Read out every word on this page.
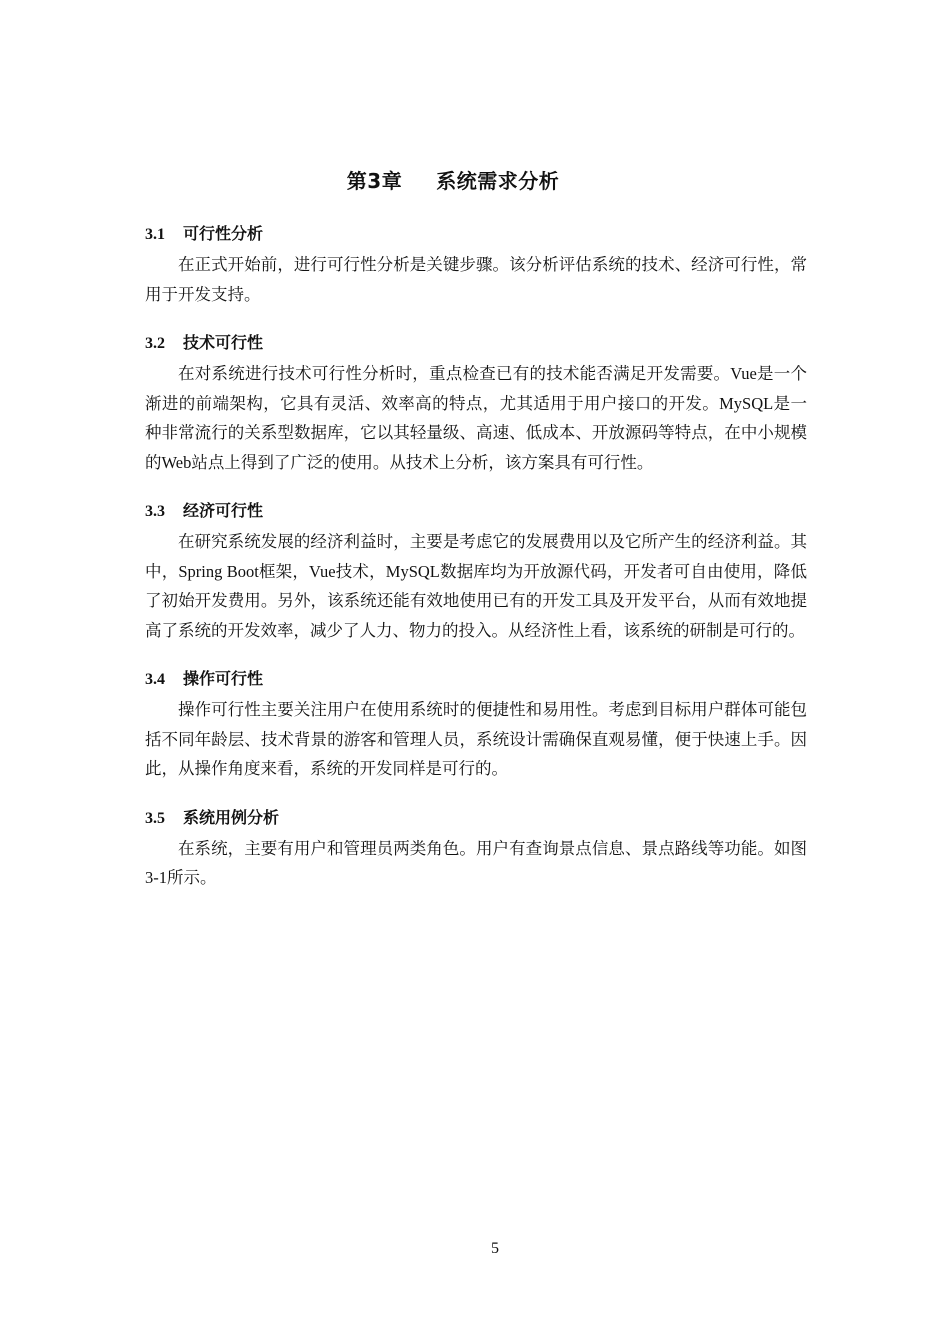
第3章 系统需求分析
3.1 可行性分析

在正式开始前，进行可行性分析是关键步骤。该分析评估系统的技术、经济可行性，常用于开发支持。

3.2 技术可行性

在对系统进行技术可行性分析时，重点检查已有的技术能否满足开发需要。Vue是一个渐进的前端架构，它具有灵活、效率高的特点，尤其适用于用户接口的开发。MySQL是一种非常流行的关系型数据库，它以其轻量级、高速、低成本、开放源码等特点，在中小规模的Web站点上得到了广泛的使用。从技术上分析，该方案具有可行性。

3.3 经济可行性

在研究系统发展的经济利益时，主要是考虑它的发展费用以及它所产生的经济利益。其中，Spring Boot框架，Vue技术，MySQL数据库均为开放源代码，开发者可自由使用，降低了初始开发费用。另外，该系统还能有效地使用已有的开发工具及开发平台，从而有效地提高了系统的开发效率，减少了人力、物力的投入。从经济性上看，该系统的研制是可行的。

3.4 操作可行性

操作可行性主要关注用户在使用系统时的便捷性和易用性。考虑到目标用户群体可能包括不同年龄层、技术背景的游客和管理人员，系统设计需确保直观易懂，便于快速上手。因此，从操作角度来看，系统的开发同样是可行的。

3.5 系统用例分析

在系统，主要有用户和管理员两类角色。用户有查询景点信息、景点路线等功能。如图3-1所示。

5
